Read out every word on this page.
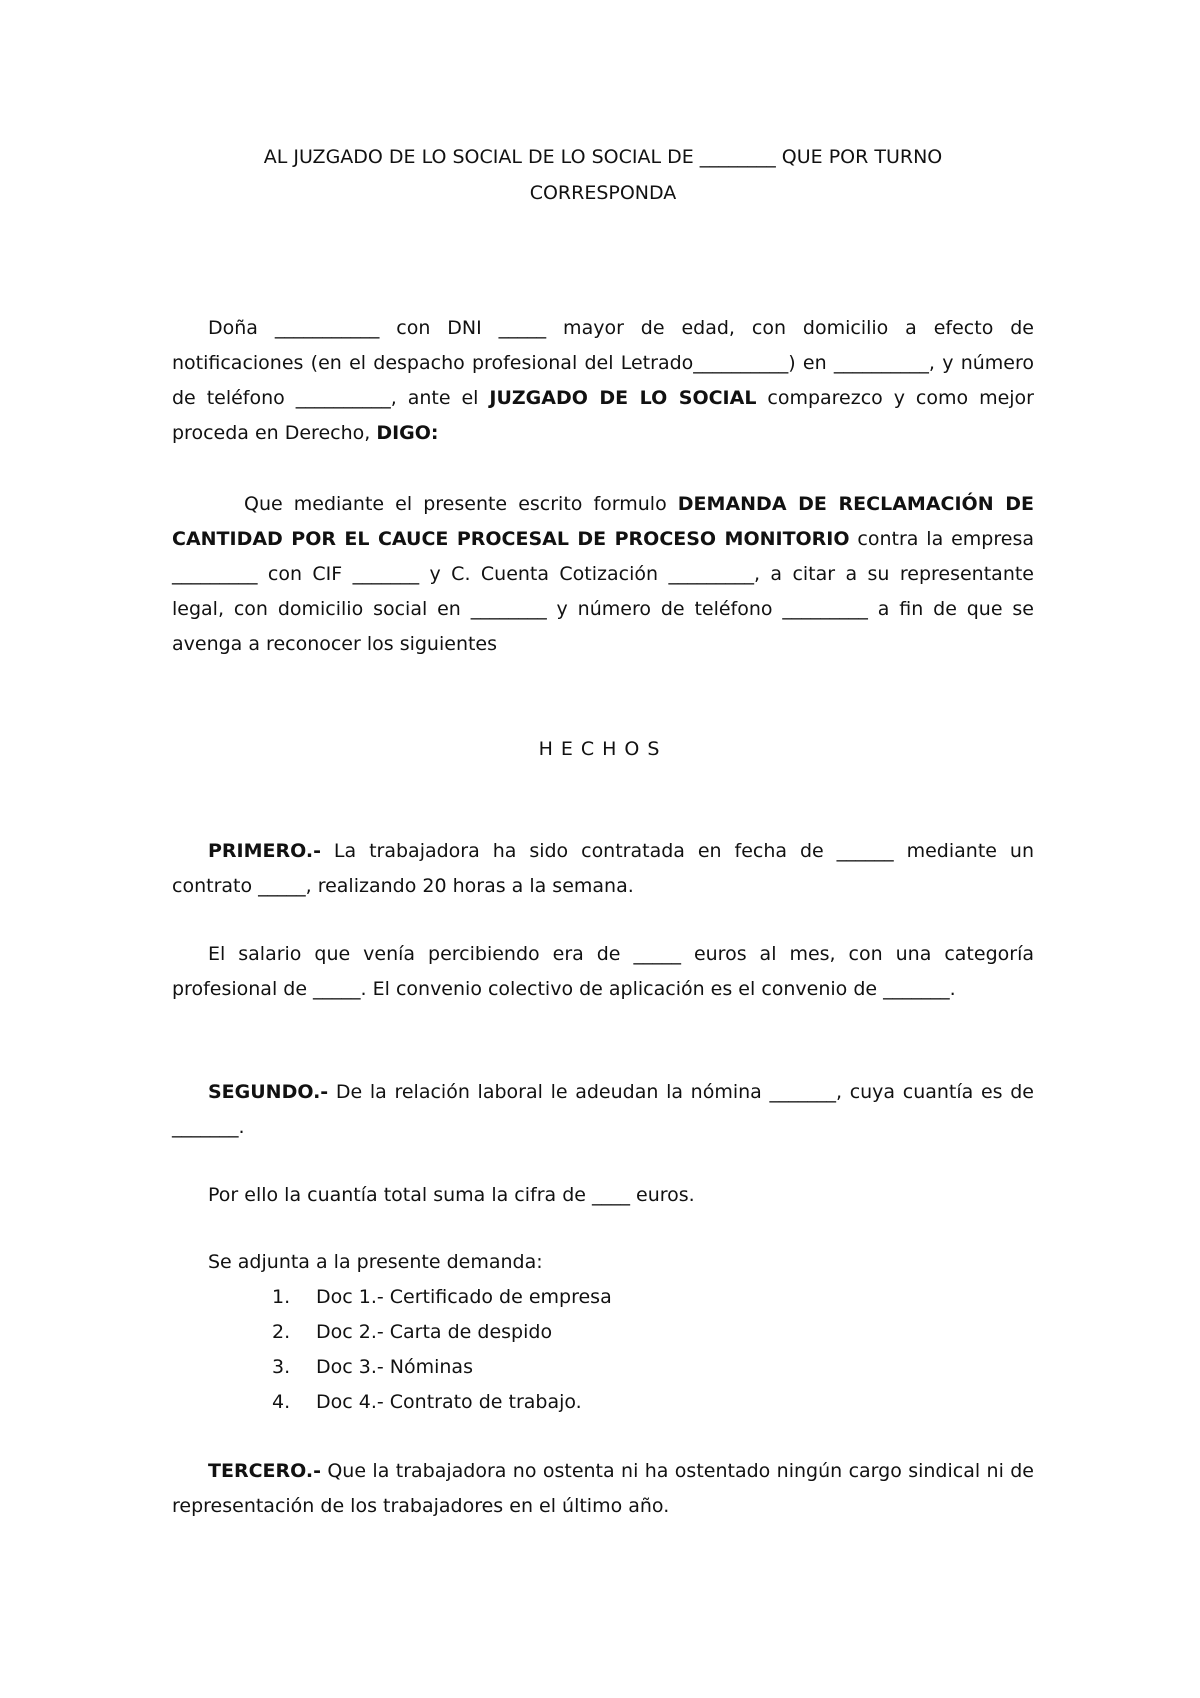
AL JUZGADO DE LO SOCIAL DE LO SOCIAL DE ________ QUE POR TURNO
CORRESPONDA

Doña ___________ con DNI _____ mayor de edad, con domicilio a efecto de notificaciones (en el despacho profesional del Letrado__________) en __________, y número de teléfono __________, ante el JUZGADO DE LO SOCIAL comparezco y como mejor proceda en Derecho, DIGO:

Que mediante el presente escrito formulo DEMANDA DE RECLAMACIÓN DE CANTIDAD POR EL CAUCE PROCESAL DE PROCESO MONITORIO contra la empresa _________ con CIF _______ y C. Cuenta Cotización _________, a citar a su representante legal, con domicilio social en ________ y número de teléfono _________ a fin de que se avenga a reconocer los siguientes

HECHOS

PRIMERO.- La trabajadora ha sido contratada en fecha de ______ mediante un contrato _____, realizando 20 horas a la semana.

El salario que venía percibiendo era de _____ euros al mes, con una categoría profesional de _____. El convenio colectivo de aplicación es el convenio de _______.

SEGUNDO.- De la relación laboral le adeudan la nómina _______, cuya cuantía es de _______.

Por ello la cuantía total suma la cifra de ____ euros.

Se adjunta a la presente demanda:

1. Doc 1.- Certificado de empresa
2. Doc 2.- Carta de despido
3. Doc 3.- Nóminas
4. Doc 4.- Contrato de trabajo.

TERCERO.- Que la trabajadora no ostenta ni ha ostentado ningún cargo sindical ni de representación de los trabajadores en el último año.
